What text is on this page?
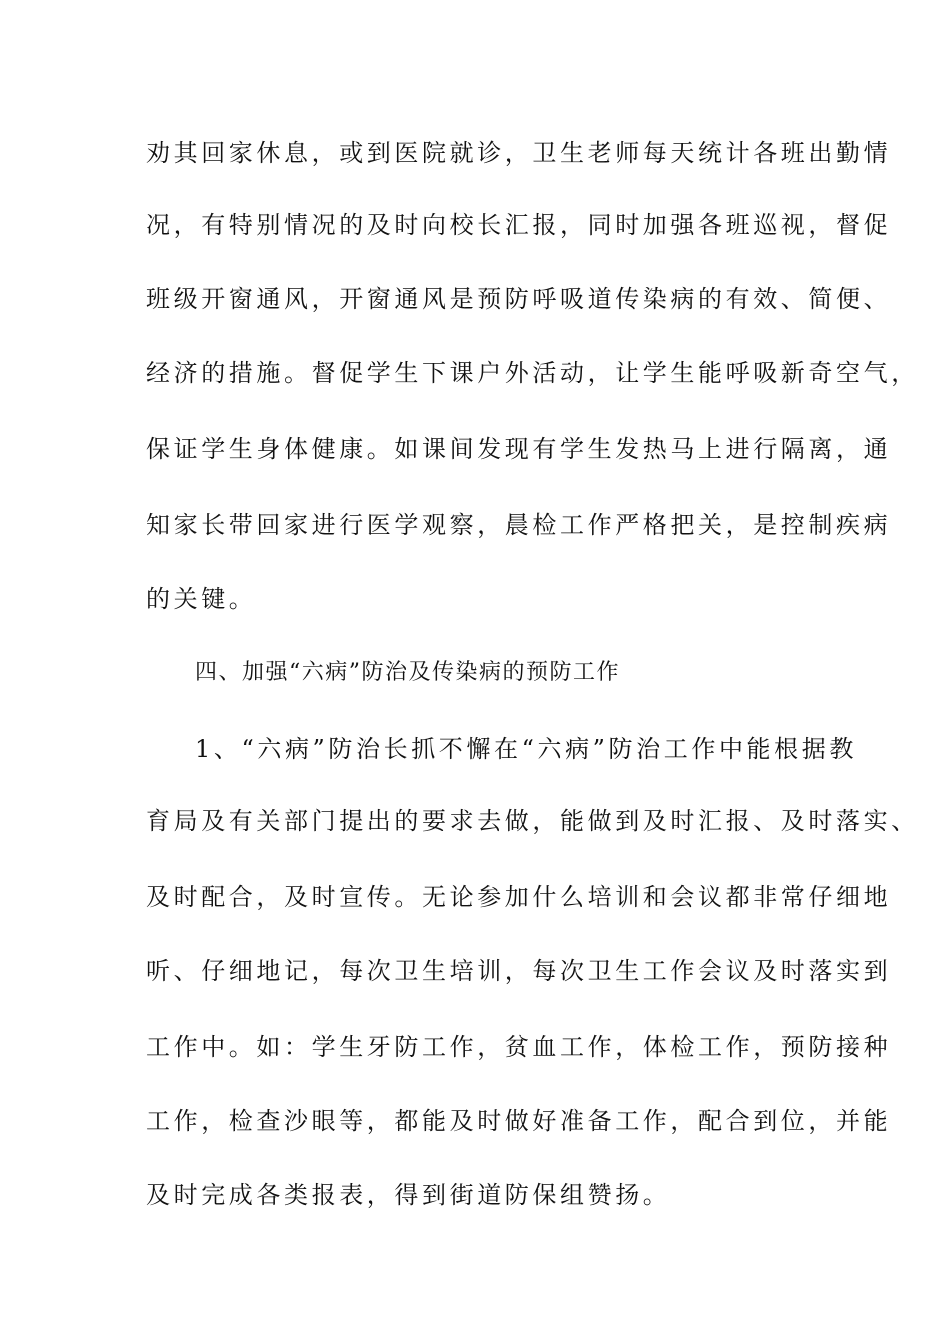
劝其回家休息，或到医院就诊，卫生老师每天统计各班出勤情
况，有特别情况的及时向校长汇报，同时加强各班巡视，督促
班级开窗通风，开窗通风是预防呼吸道传染病的有效、简便、
经济的措施。督促学生下课户外活动，让学生能呼吸新奇空气，
保证学生身体健康。如课间发现有学生发热马上进行隔离，通
知家长带回家进行医学观察，晨检工作严格把关，是控制疾病
的关键。
四、加强“六病”防治及传染病的预防工作
1、“六病”防治长抓不懈在“六病”防治工作中能根据教
育局及有关部门提出的要求去做，能做到及时汇报、及时落实、
及时配合，及时宣传。无论参加什么培训和会议都非常仔细地
听、仔细地记，每次卫生培训，每次卫生工作会议及时落实到
工作中。如：学生牙防工作，贫血工作，体检工作，预防接种
工作，检查沙眼等，都能及时做好准备工作，配合到位，并能
及时完成各类报表，得到街道防保组赞扬。
